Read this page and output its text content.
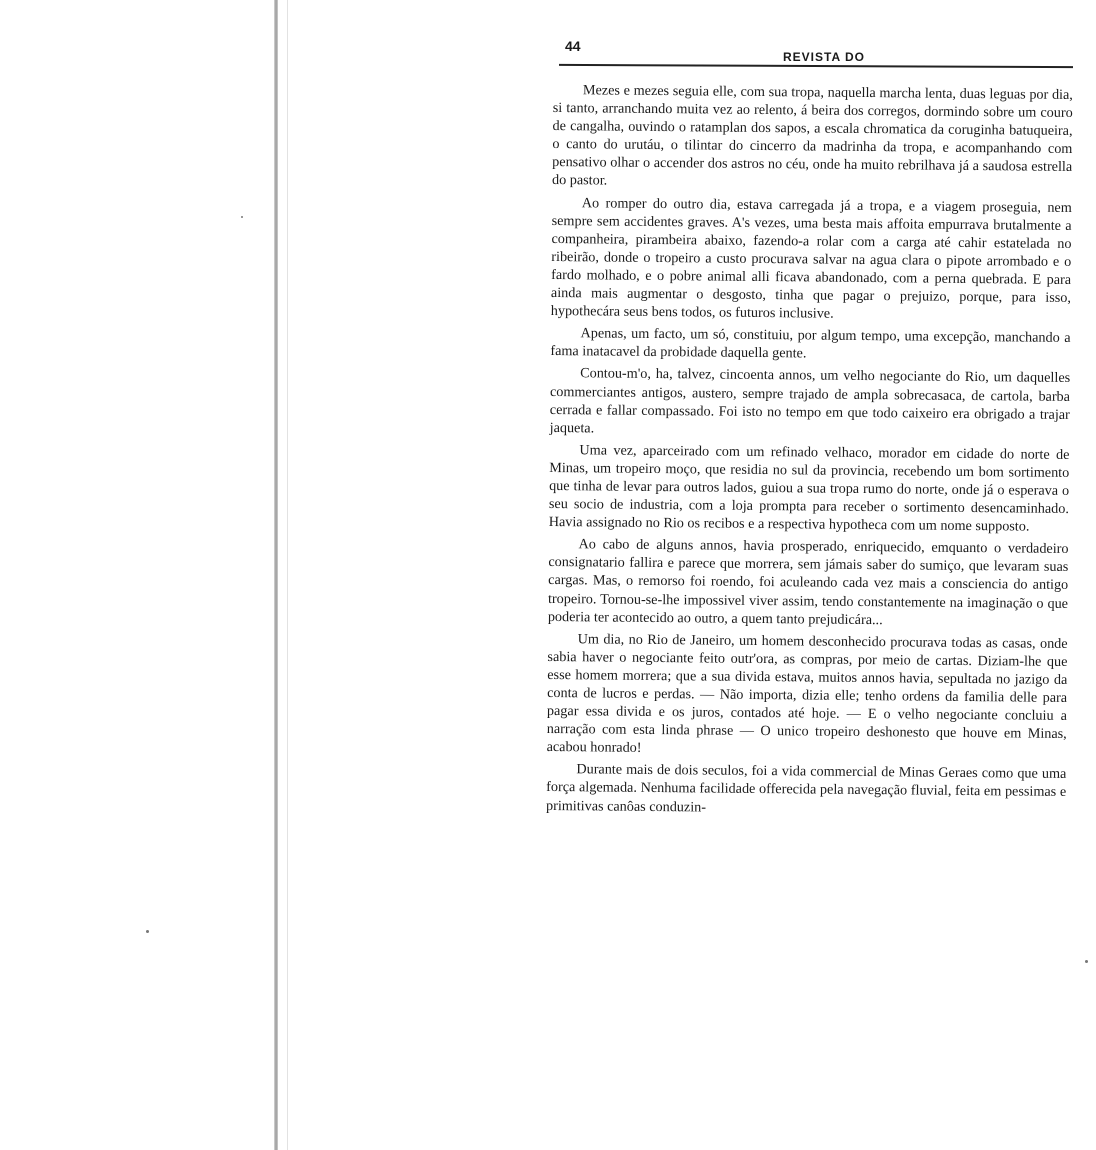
44
REVISTA DO

Mezes e mezes seguia elle, com sua tropa, naquella marcha lenta, duas leguas por dia, si tanto, arranchando muita vez ao relento, á beira dos corregos, dormindo sobre um couro de cangalha, ouvindo o ratamplan dos sapos, a escala chromatica da coruginha batuqueira, o canto do urutáu, o tilintar do cincerro da madrinha da tropa, e acompanhando com pensativo olhar o accender dos astros no céu, onde ha muito rebrilhava já a saudosa estrella do pastor.

Ao romper do outro dia, estava carregada já a tropa, e a viagem proseguia, nem sempre sem accidentes graves. A's vezes, uma besta mais affoita empurrava brutalmente a companheira, pirambeira abaixo, fazendo-a rolar com a carga até cahir estatelada no ribeirão, donde o tropeiro a custo procurava salvar na agua clara o pipote arrombado e o fardo molhado, e o pobre animal alli ficava abandonado, com a perna quebrada. E para ainda mais augmentar o desgosto, tinha que pagar o prejuizo, porque, para isso, hypothecára seus bens todos, os futuros inclusive.

Apenas, um facto, um só, constituiu, por algum tempo, uma excepção, manchando a fama inatacavel da probidade daquella gente.

Contou-m'o, ha, talvez, cincoenta annos, um velho negociante do Rio, um daquelles commerciantes antigos, austero, sempre trajado de ampla sobrecasaca, de cartola, barba cerrada e fallar compassado. Foi isto no tempo em que todo caixeiro era obrigado a trajar jaqueta.

Uma vez, aparceirado com um refinado velhaco, morador em cidade do norte de Minas, um tropeiro moço, que residia no sul da provincia, recebendo um bom sortimento que tinha de levar para outros lados, guiou a sua tropa rumo do norte, onde já o esperava o seu socio de industria, com a loja prompta para receber o sortimento desencaminhado. Havia assignado no Rio os recibos e a respectiva hypotheca com um nome supposto.

Ao cabo de alguns annos, havia prosperado, enriquecido, emquanto o verdadeiro consignatario fallira e parece que morrera, sem jámais saber do sumiço, que levaram suas cargas. Mas, o remorso foi roendo, foi aculeando cada vez mais a consciencia do antigo tropeiro. Tornou-se-lhe impossivel viver assim, tendo constantemente na imaginação o que poderia ter acontecido ao outro, a quem tanto prejudicára...

Um dia, no Rio de Janeiro, um homem desconhecido procurava todas as casas, onde sabia haver o negociante feito outr'ora, as compras, por meio de cartas. Diziam-lhe que esse homem morrera; que a sua divida estava, muitos annos havia, sepultada no jazigo da conta de lucros e perdas. — Não importa, dizia elle; tenho ordens da familia delle para pagar essa divida e os juros, contados até hoje. — E o velho negociante concluiu a narração com esta linda phrase — O unico tropeiro deshonesto que houve em Minas, acabou honrado!

Durante mais de dois seculos, foi a vida commercial de Minas Geraes como que uma força algemada. Nenhuma facilidade offerecida pela navegação fluvial, feita em pessimas e primitivas canôas conduzin-
